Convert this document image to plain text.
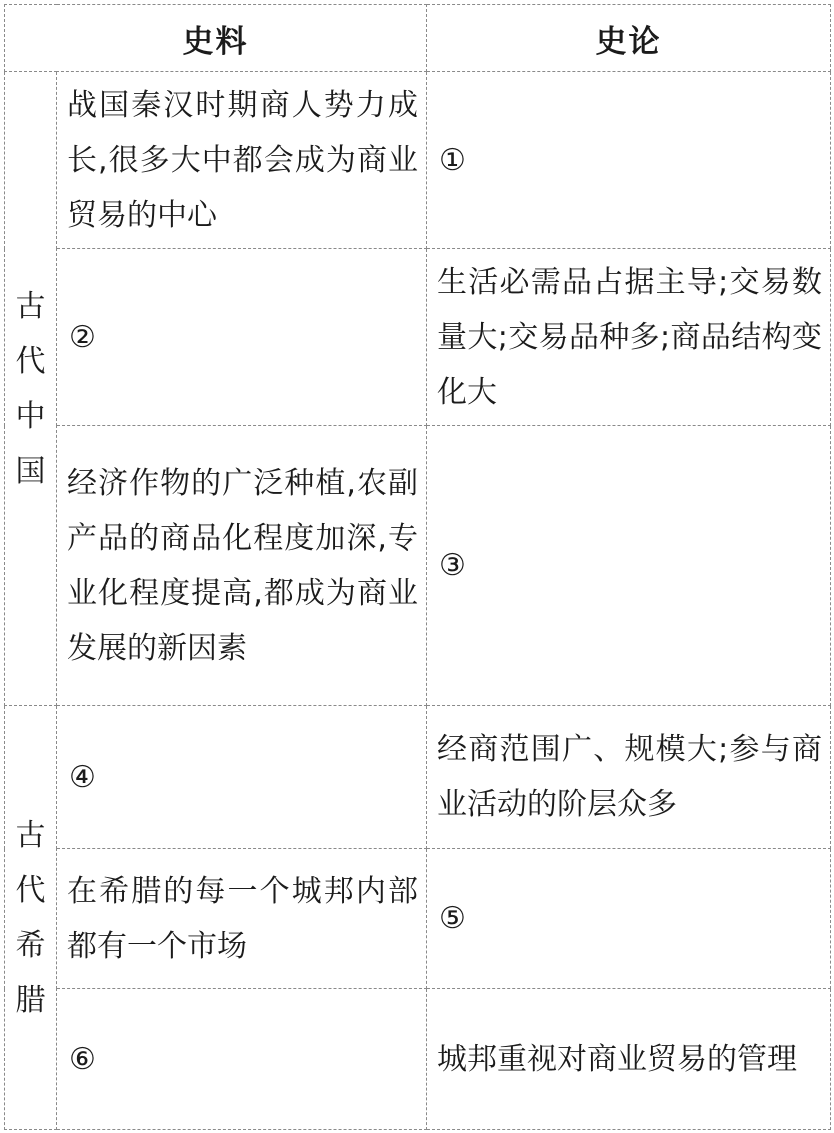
史料		史论

古
代
中
国	战国秦汉时期商人势力成长,很多大中都会成为商业贸易的中心	①
	②	生活必需品占据主导;交易数量大;交易品种多;商品结构变化大
	经济作物的广泛种植,农副产品的商品化程度加深,专业化程度提高,都成为商业发展的新因素	③

古
代
希
腊	④	经商范围广、规模大;参与商业活动的阶层众多
	在希腊的每一个城邦内部都有一个市场	⑤
	⑥	城邦重视对商业贸易的管理
